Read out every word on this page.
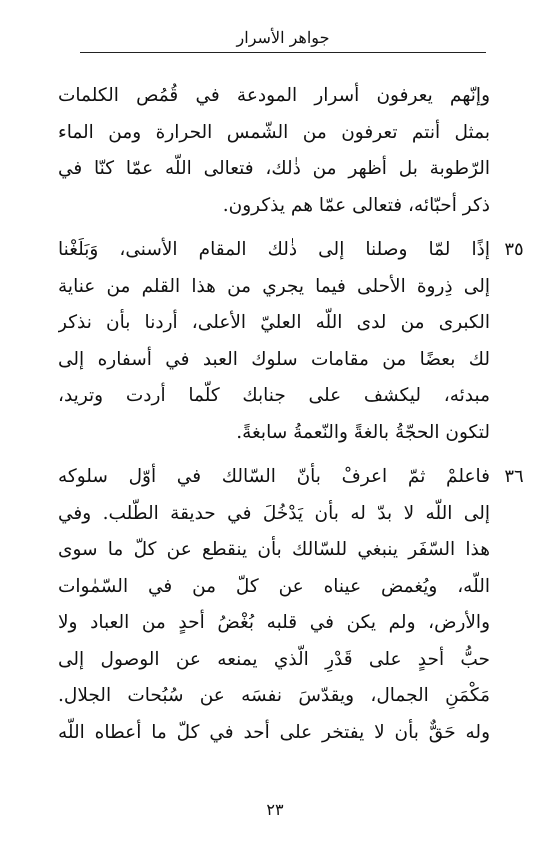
جواهر الأسرار
وإنّهم يعرفون أسرار المودعة في قُمُص الكلمات
بمثل أنتم تعرفون من الشّمس الحرارة ومن الماء
الرّطوبة بل أظهر من ذٰلك، فتعالى اللّه عمّا كنّا في
ذكر أحبّائه، فتعالى عمّا هم يذكرون.
٣٥
إذًا لمّا وصلنا إلى ذٰلك المقام الأسنى، وَبَلَغْنا
إلى ذِروة الأحلى فيما يجري من هذا القلم من عناية
الكبرى من لدى اللّه العليّ الأعلى، أردنا بأن نذكر
لك بعضًا من مقامات سلوك العبد في أسفاره إلى
مبدئه، ليكشف على جنابك كلّما أردت وتريد،
لتكون الحجّةُ بالغةً والنّعمةُ سابغةً.
٣٦
فاعلمْ ثمّ اعرفْ بأنّ السّالك في أوّل سلوكه
إلى اللّه لا بدّ له بأن يَدْخُلَ في حديقة الطّلب. وفي
هذا السّفَر ينبغي للسّالك بأن ينقطع عن كلّ ما سوى
اللّه، ويُغمض عيناه عن كلّ من في السّمٰوات
والأرض، ولم يكن في قلبه بُغْضُ أحدٍ من العباد ولا
حبُّ أحدٍ على قَدْرِ الّذي يمنعه عن الوصول إلى
مَكْمَنِ الجمال، ويقدّسَ نفسَه عن سُبُحات الجلال.
وله حَقٌّ بأن لا يفتخر على أحد في كلّ ما أعطاه اللّه
٢٣
